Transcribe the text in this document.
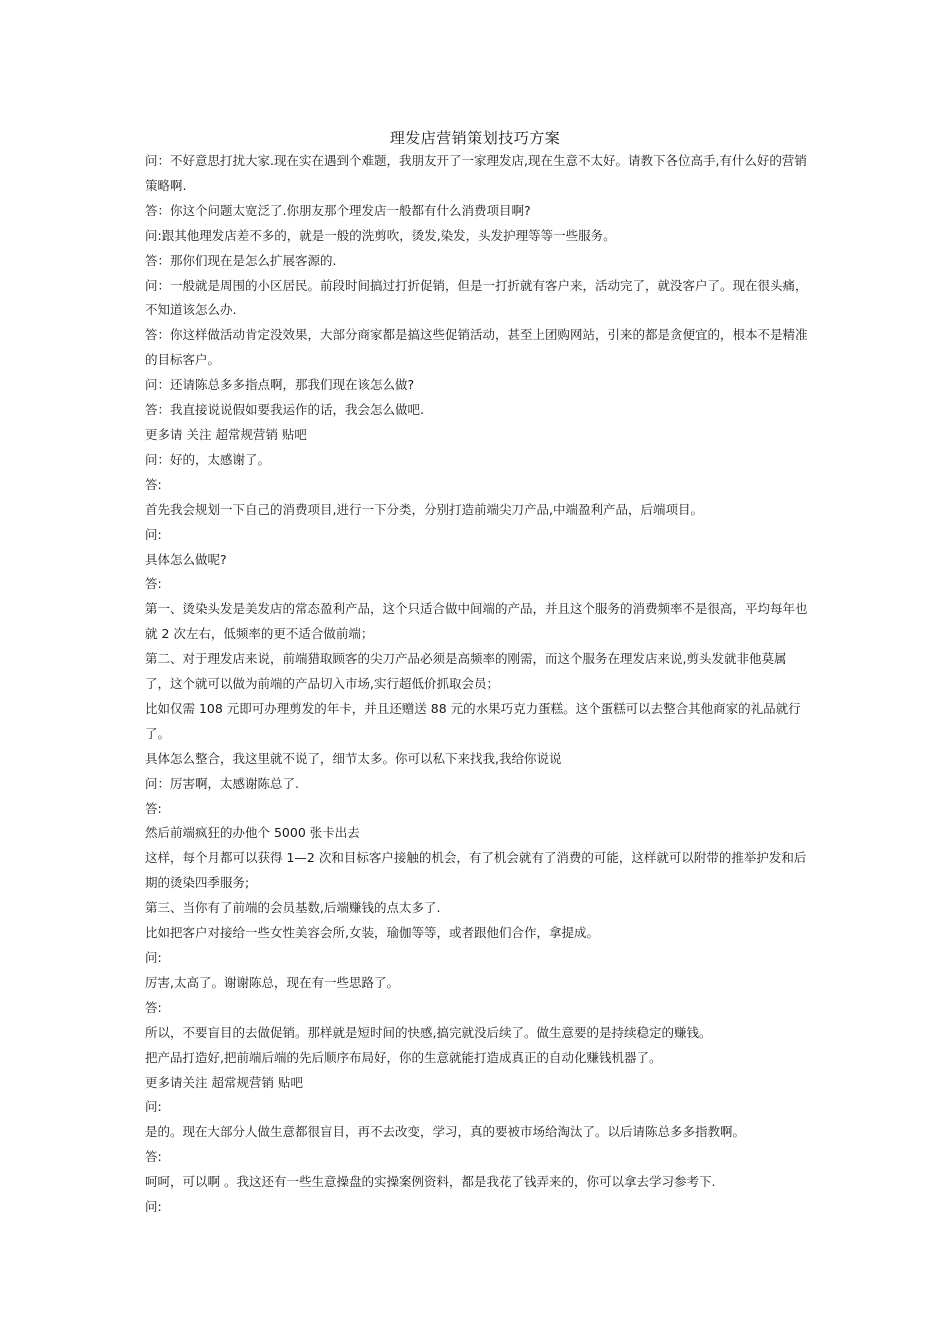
理发店营销策划技巧方案

问：不好意思打扰大家.现在实在遇到个难题，我朋友开了一家理发店,现在生意不太好。请教下各位高手,有什么好的营销策略啊.

答：你这个问题太宽泛了.你朋友那个理发店一般都有什么消费项目啊?

问:跟其他理发店差不多的，就是一般的洗剪吹，烫发,染发，头发护理等等一些服务。

答：那你们现在是怎么扩展客源的.

问：一般就是周围的小区居民。前段时间搞过打折促销，但是一打折就有客户来，活动完了，就没客户了。现在很头痛，不知道该怎么办.

答：你这样做活动肯定没效果，大部分商家都是搞这些促销活动，甚至上团购网站，引来的都是贪便宜的，根本不是精准的目标客户。

问：还请陈总多多指点啊，那我们现在该怎么做?

答：我直接说说假如要我运作的话，我会怎么做吧.

更多请 关注 超常规营销 贴吧

问：好的，太感谢了。

答:

首先我会规划一下自己的消费项目,进行一下分类，分别打造前端尖刀产品,中端盈利产品，后端项目。

问:

具体怎么做呢?

答:

第一、烫染头发是美发店的常态盈利产品，这个只适合做中间端的产品，并且这个服务的消费频率不是很高，平均每年也就 2 次左右，低频率的更不适合做前端；

第二、对于理发店来说，前端猎取顾客的尖刀产品必须是高频率的刚需，而这个服务在理发店来说,剪头发就非他莫属了，这个就可以做为前端的产品切入市场,实行超低价抓取会员；

比如仅需 108 元即可办理剪发的年卡，并且还赠送 88 元的水果巧克力蛋糕。这个蛋糕可以去整合其他商家的礼品就行了。

具体怎么整合，我这里就不说了，细节太多。你可以私下来找我,我给你说说

问：厉害啊，太感谢陈总了.

答:

然后前端疯狂的办他个 5000 张卡出去

这样，每个月都可以获得 1—2 次和目标客户接触的机会，有了机会就有了消费的可能，这样就可以附带的推举护发和后期的烫染四季服务;

第三、当你有了前端的会员基数,后端赚钱的点太多了.

比如把客户对接给一些女性美容会所,女装，瑜伽等等，或者跟他们合作，拿提成。

问:

厉害,太高了。谢谢陈总，现在有一些思路了。

答:

所以，不要盲目的去做促销。那样就是短时间的快感,搞完就没后续了。做生意要的是持续稳定的赚钱。

把产品打造好,把前端后端的先后顺序布局好，你的生意就能打造成真正的自动化赚钱机器了。

更多请关注 超常规营销 贴吧

问:

是的。现在大部分人做生意都很盲目，再不去改变，学习，真的要被市场给淘汰了。以后请陈总多多指教啊。

答:

呵呵，可以啊 。我这还有一些生意操盘的实操案例资料，都是我花了钱弄来的，你可以拿去学习参考下.

问:
